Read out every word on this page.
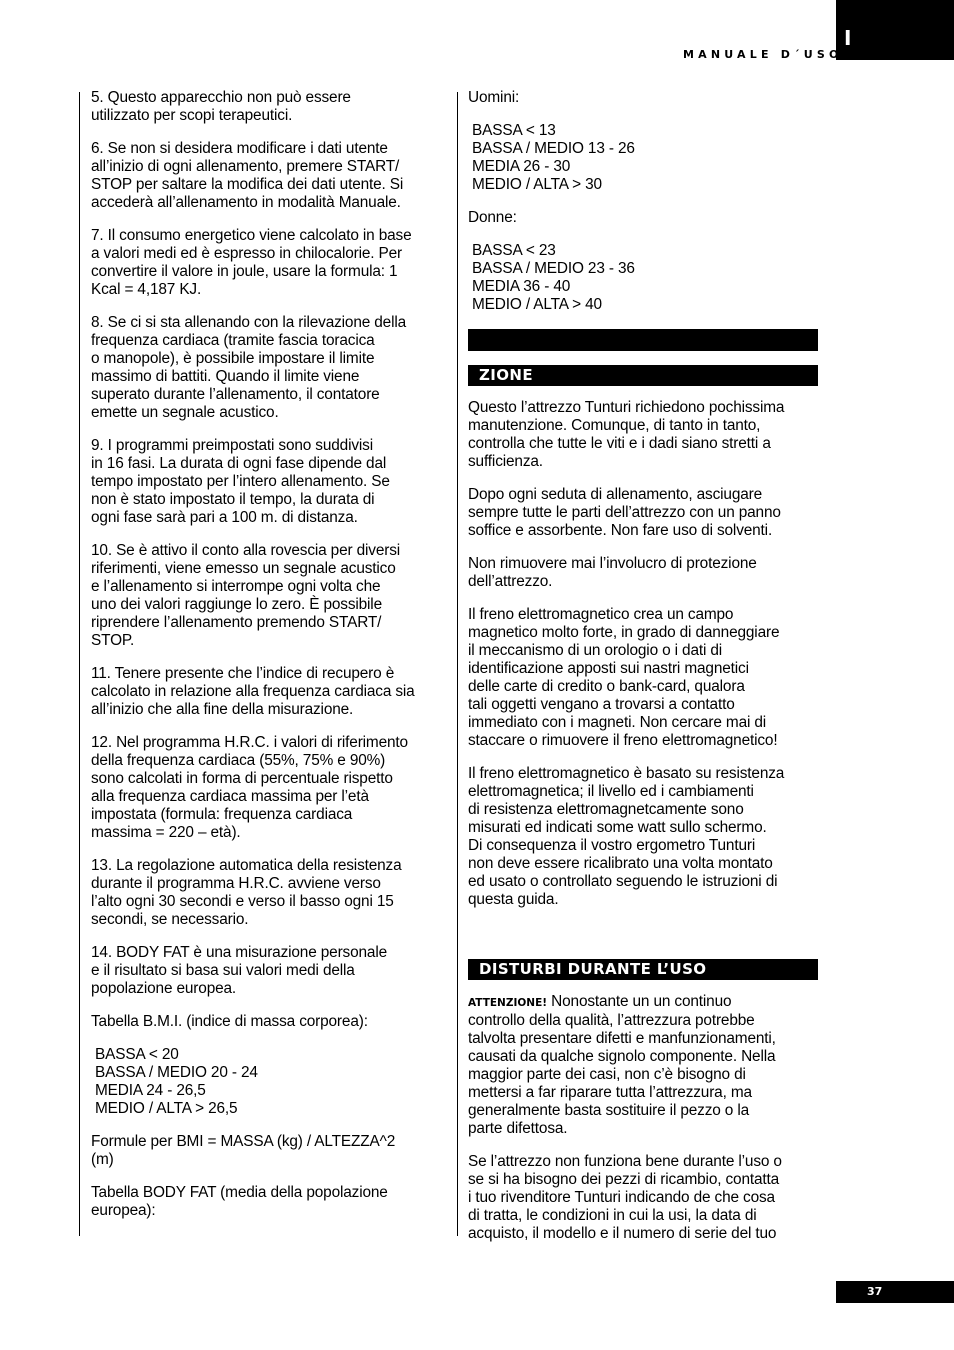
I
MANUALE D´USO

5. Questo apparecchio non può essere
utilizzato per scopi terapeutici.

6. Se non si desidera modificare i dati utente
all’inizio di ogni allenamento, premere START/
STOP per saltare la modifica dei dati utente. Si
accederà all’allenamento in modalità Manuale.

7. Il consumo energetico viene calcolato in base
a valori medi ed è espresso in chilocalorie. Per
convertire il valore in joule, usare la formula: 1
Kcal = 4,187 KJ.

8. Se ci si sta allenando con la rilevazione della
frequenza cardiaca (tramite fascia toracica
o manopole), è possibile impostare il limite
massimo di battiti. Quando il limite viene
superato durante l’allenamento, il contatore
emette un segnale acustico.

9. I programmi preimpostati sono suddivisi
in 16 fasi. La durata di ogni fase dipende dal
tempo impostato per l’intero allenamento. Se
non è stato impostato il tempo, la durata di
ogni fase sarà pari a 100 m. di distanza.

10. Se è attivo il conto alla rovescia per diversi
riferimenti, viene emesso un segnale acustico
e l’allenamento si interrompe ogni volta che
uno dei valori raggiunge lo zero. È possibile
riprendere l’allenamento premendo START/
STOP.

11. Tenere presente che l’indice di recupero è
calcolato in relazione alla frequenza cardiaca sia
all’inizio che alla fine della misurazione.

12. Nel programma H.R.C. i valori di riferimento
della frequenza cardiaca (55%, 75% e 90%)
sono calcolati in forma di percentuale rispetto
alla frequenza cardiaca massima per l’età
impostata (formula: frequenza cardiaca
massima = 220 – età).

13. La regolazione automatica della resistenza
durante il programma H.R.C. avviene verso
l’alto ogni 30 secondi e verso il basso ogni 15
secondi, se necessario.

14. BODY FAT è una misurazione personale
e il risultato si basa sui valori medi della
popolazione europea.

Tabella B.M.I. (indice di massa corporea):

BASSA < 20
BASSA / MEDIO 20 - 24
MEDIA 24 - 26,5
MEDIO / ALTA > 26,5

Formule per BMI = MASSA (kg) / ALTEZZA^2
(m)

Tabella BODY FAT (media della popolazione
europea):

Uomini:

BASSA < 13
BASSA / MEDIO 13 - 26
MEDIA 26 - 30
MEDIO / ALTA > 30

Donne:

BASSA < 23
BASSA / MEDIO 23 - 36
MEDIA 36 - 40
MEDIO / ALTA > 40

ZIONE

Questo l’attrezzo Tunturi richiedono pochissima
manutenzione. Comunque, di tanto in tanto,
controlla che tutte le viti e i dadi siano stretti a
sufficienza.

Dopo ogni seduta di allenamento, asciugare
sempre tutte le parti dell’attrezzo con un panno
soffice e assorbente. Non fare uso di solventi.

Non rimuovere mai l’involucro di protezione
dell’attrezzo.

Il freno elettromagnetico crea un campo
magnetico molto forte, in grado di danneggiare
il meccanismo di un orologio o i dati di
identificazione apposti sui nastri magnetici
delle carte di credito o bank-card, qualora
tali oggetti vengano a trovarsi a contatto
immediato con i magneti. Non cercare mai di
staccare o rimuovere il freno elettromagnetico!

Il freno elettromagnetico è basato su resistenza
elettromagnetica; il livello ed i cambiamenti
di resistenza elettromagnetcamente sono
misurati ed indicati some watt sullo schermo.
Di consequenza il vostro ergometro Tunturi
non deve essere ricalibrato una volta montato
ed usato o controllato seguendo le istruzioni di
questa guida.

DISTURBI DURANTE L’USO

ATTENZIONE! Nonostante un un continuo
controllo della qualità, l’attrezzura potrebbe
talvolta presentare difetti e manfunzionamenti,
causati da qualche signolo componente. Nella
maggior parte dei casi, non c’è bisogno di
mettersi a far riparare tutta l’attrezzura, ma
generalmente basta sostituire il pezzo o la
parte difettosa.

Se l’attrezzo non funziona bene durante l’uso o
se si ha bisogno dei pezzi di ricambio, contatta
i tuo rivenditore Tunturi indicando de che cosa
di tratta, le condizioni in cui la usi, la data di
acquisto, il modello e il numero di serie del tuo

37
